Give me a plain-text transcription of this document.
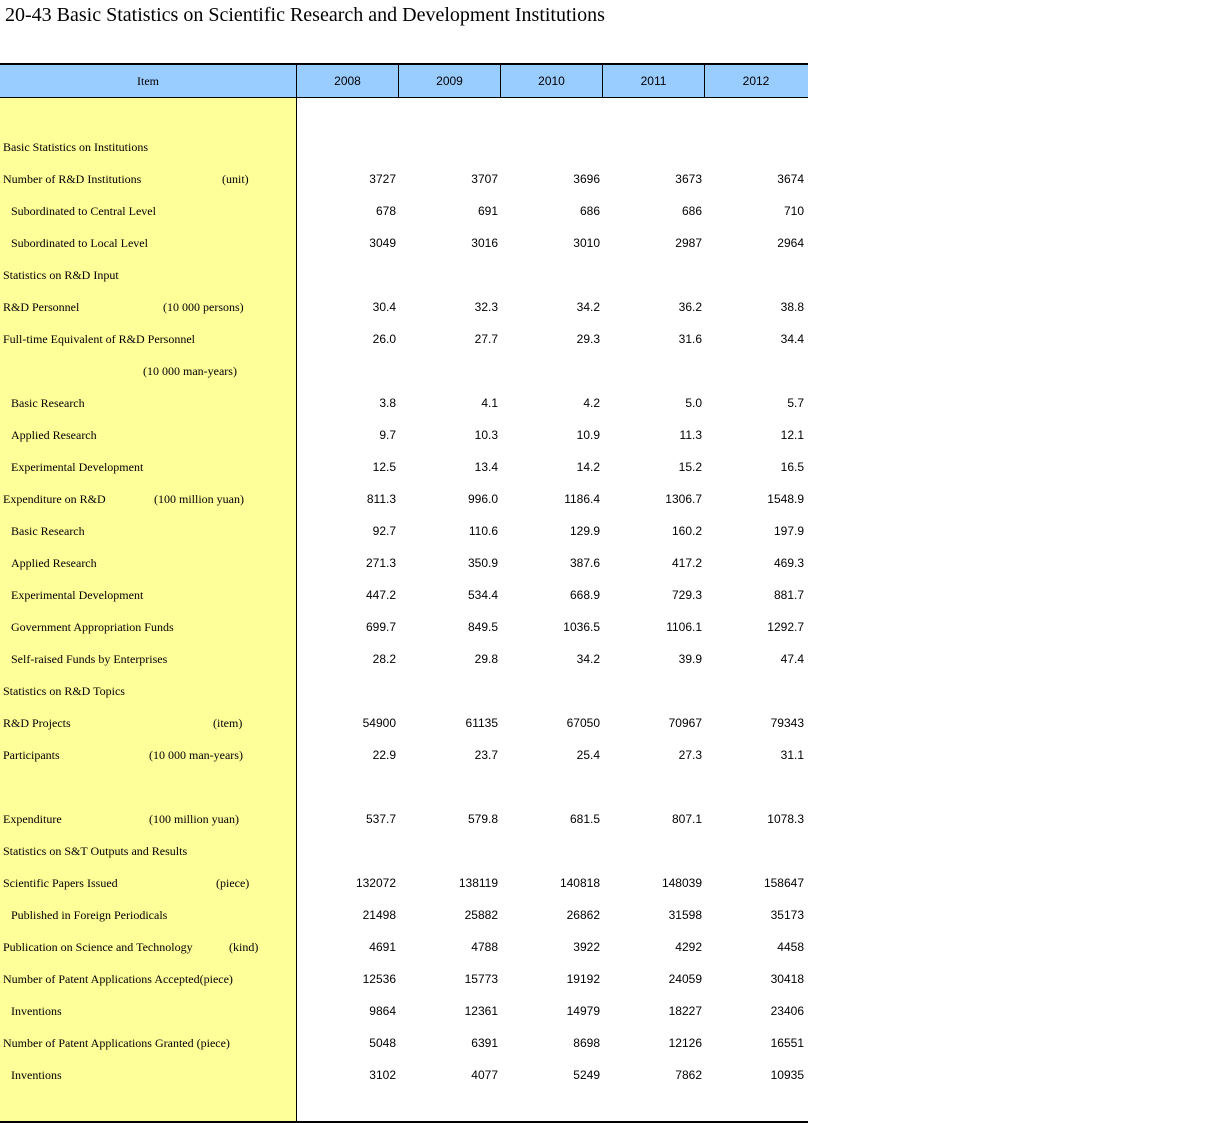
20-43 Basic Statistics on Scientific Research and Development Institutions
Item	2008	2009	2010	2011	2012
Basic Statistics on Institutions
Number of R&D Institutions	(unit)	3727	3707	3696	3673	3674
Subordinated to Central Level	678	691	686	686	710
Subordinated to Local Level	3049	3016	3010	2987	2964
Statistics on R&D Input
R&D Personnel	(10 000 persons)	30.4	32.3	34.2	36.2	38.8
Full-time Equivalent of R&D Personnel	26.0	27.7	29.3	31.6	34.4
(10 000 man-years)
Basic Research	3.8	4.1	4.2	5.0	5.7
Applied Research	9.7	10.3	10.9	11.3	12.1
Experimental Development	12.5	13.4	14.2	15.2	16.5
Expenditure on R&D	(100 million yuan)	811.3	996.0	1186.4	1306.7	1548.9
Basic Research	92.7	110.6	129.9	160.2	197.9
Applied Research	271.3	350.9	387.6	417.2	469.3
Experimental Development	447.2	534.4	668.9	729.3	881.7
Government Appropriation Funds	699.7	849.5	1036.5	1106.1	1292.7
Self-raised Funds by Enterprises	28.2	29.8	34.2	39.9	47.4
Statistics on R&D Topics
R&D Projects	(item)	54900	61135	67050	70967	79343
Participants	(10 000 man-years)	22.9	23.7	25.4	27.3	31.1
Expenditure	(100 million yuan)	537.7	579.8	681.5	807.1	1078.3
Statistics on S&T Outputs and Results
Scientific Papers Issued	(piece)	132072	138119	140818	148039	158647
Published in Foreign Periodicals	21498	25882	26862	31598	35173
Publication on Science and Technology	(kind)	4691	4788	3922	4292	4458
Number of Patent Applications Accepted(piece)	12536	15773	19192	24059	30418
Inventions	9864	12361	14979	18227	23406
Number of Patent Applications Granted (piece)	5048	6391	8698	12126	16551
Inventions	3102	4077	5249	7862	10935
